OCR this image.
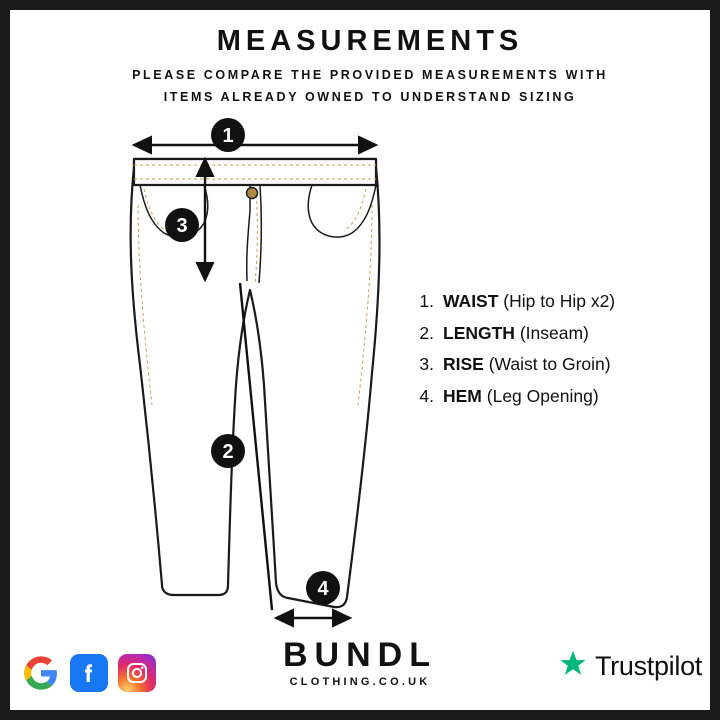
MEASUREMENTS
PLEASE COMPARE THE PROVIDED MEASUREMENTS WITH
ITEMS ALREADY OWNED TO UNDERSTAND SIZING
1
3
2
4
1. WAIST (Hip to Hip x2)
2. LENGTH (Inseam)
3. RISE (Waist to Groin)
4. HEM (Leg Opening)
BUNDL
CLOTHING.CO.UK
Trustpilot
